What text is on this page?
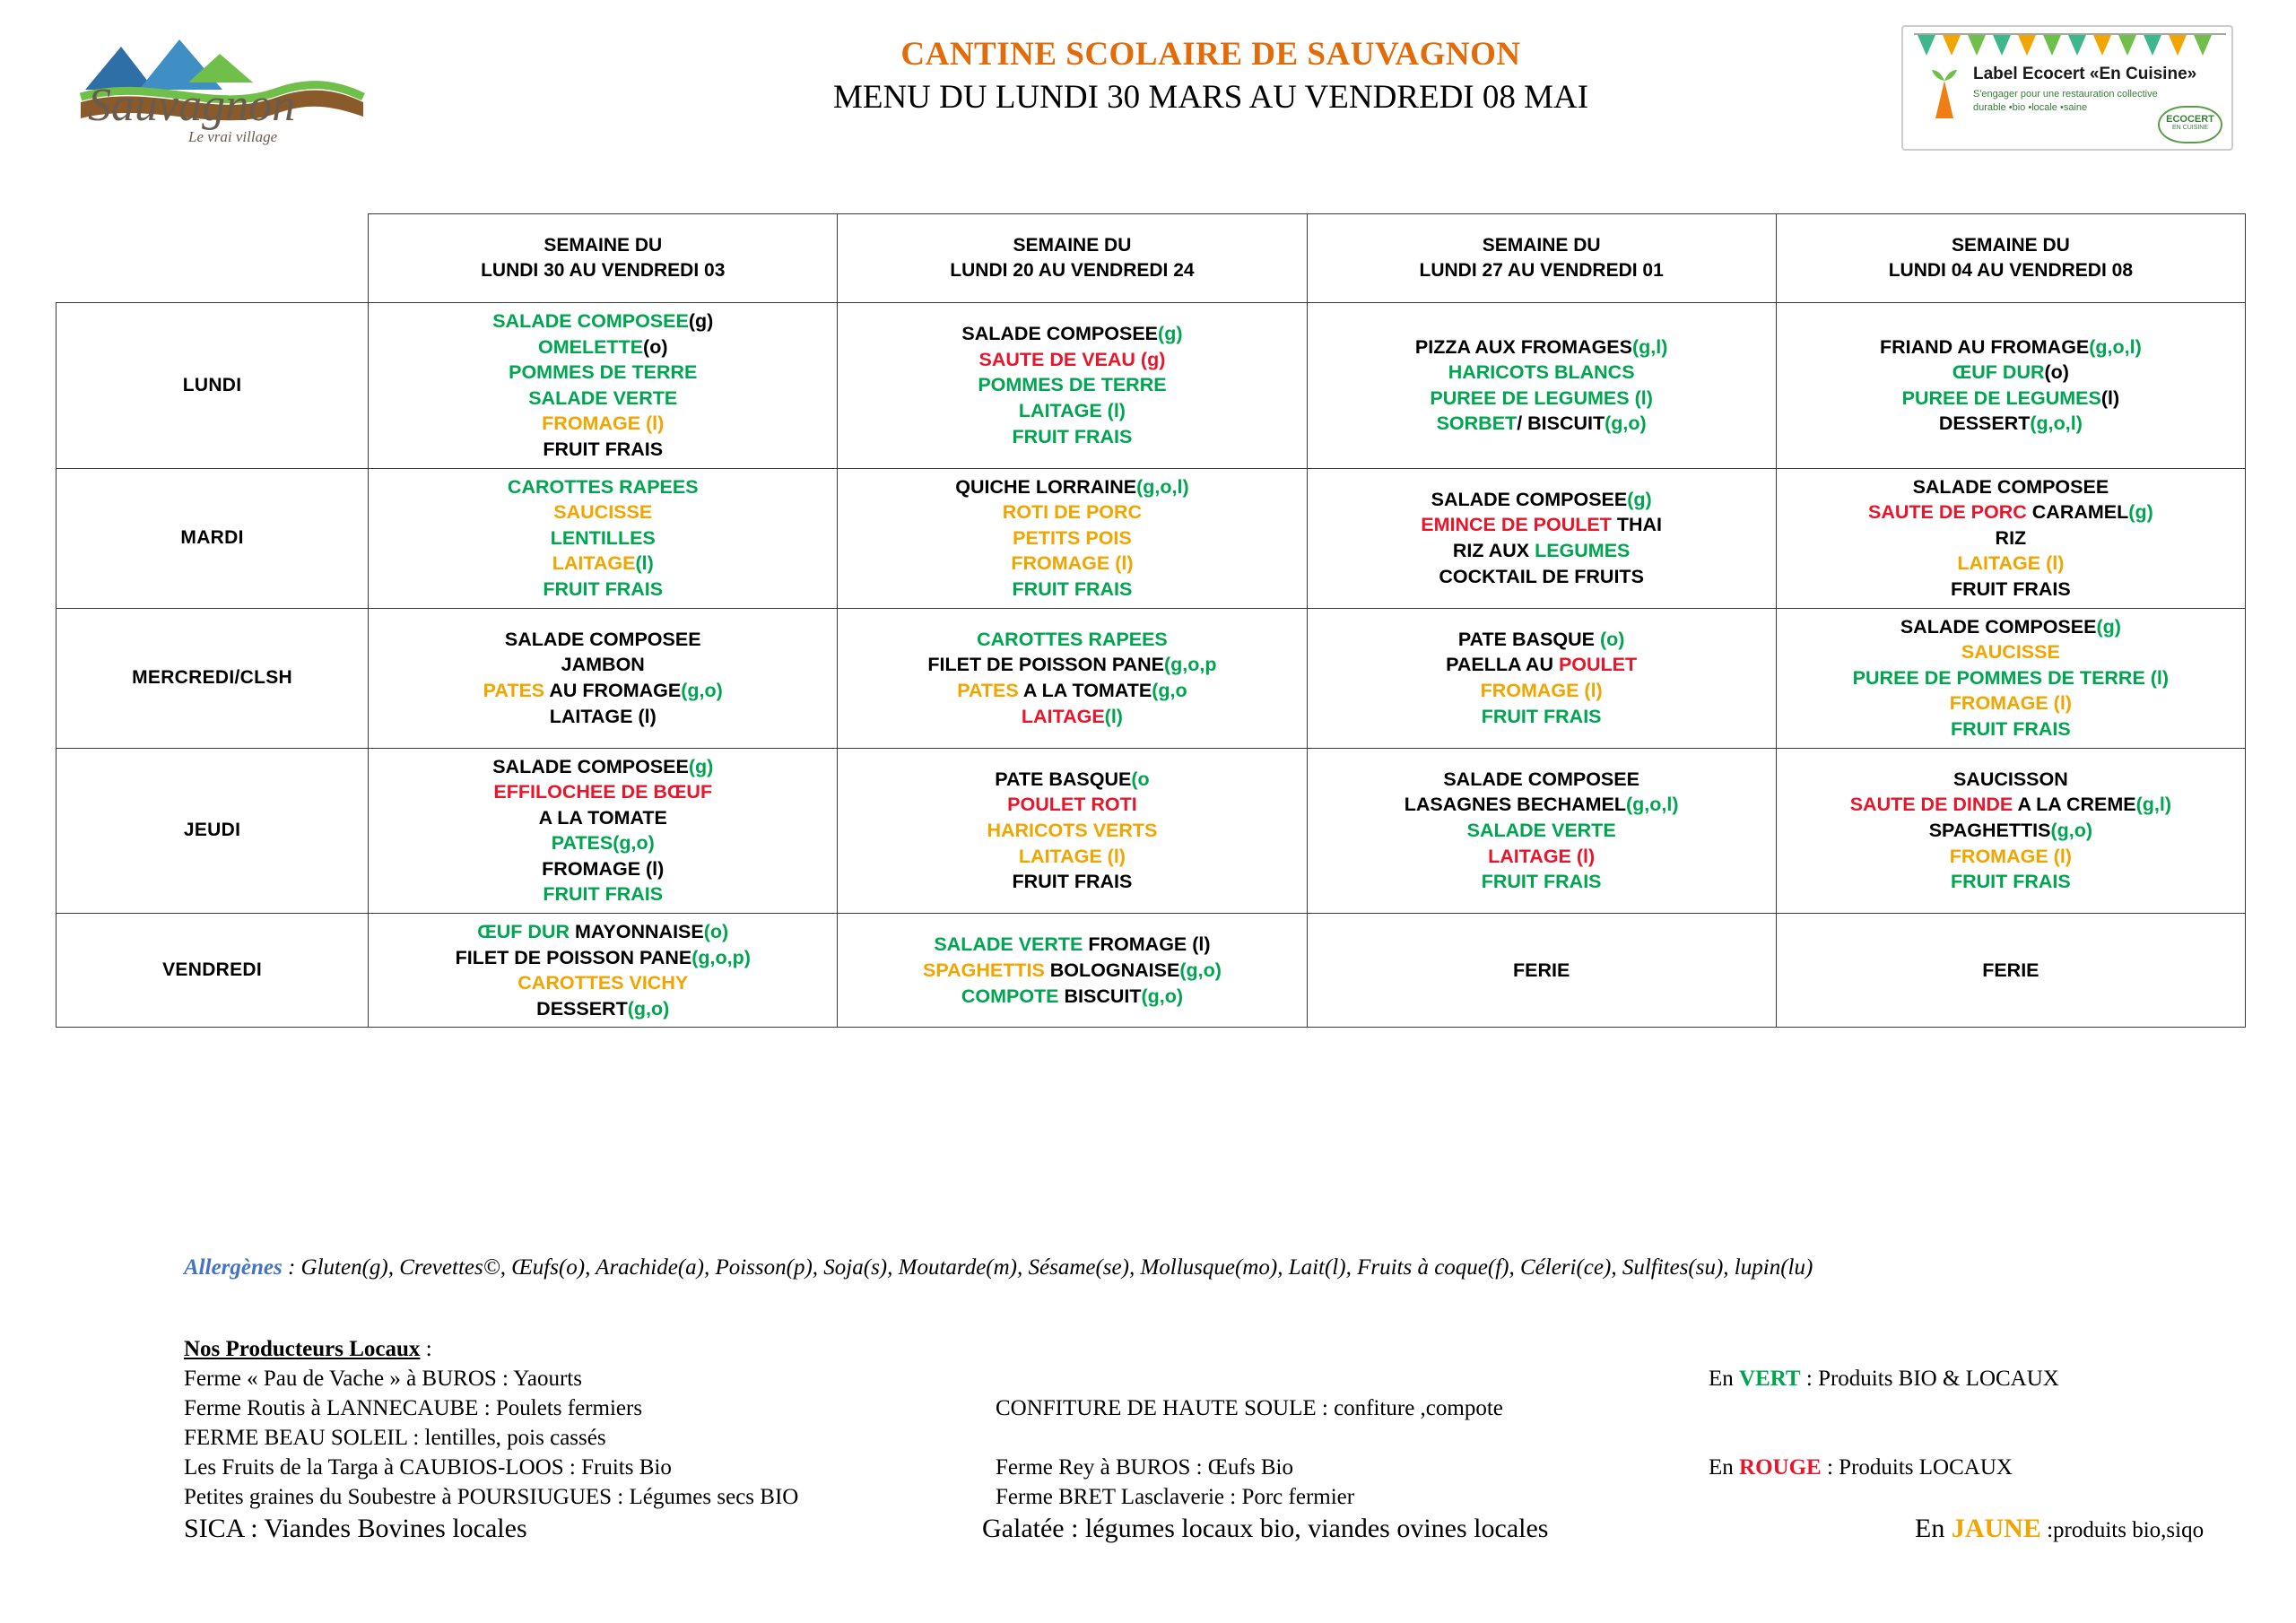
Sauvagnon
Le vrai village
CANTINE SCOLAIRE DE SAUVAGNON
MENU DU LUNDI 30 MARS AU VENDREDI 08 MAI
Label Ecocert «En Cuisine»
S'engager pour une restauration collective durable •bio •locale •saine
ECOCERT
EN CUISINE

SEMAINE DU
LUNDI 30 AU VENDREDI 03

SEMAINE DU
LUNDI 20 AU VENDREDI 24

SEMAINE DU
LUNDI 27 AU VENDREDI 01

SEMAINE DU
LUNDI 04 AU VENDREDI 08

LUNDI	
SALADE COMPOSEE(g)
OMELETTE(o)
POMMES DE TERRE
SALADE VERTE
FROMAGE (l)
FRUIT FRAIS

SALADE COMPOSEE(g)
SAUTE DE VEAU (g)
POMMES DE TERRE
LAITAGE (l)
FRUIT FRAIS

PIZZA AUX FROMAGES(g,l)
HARICOTS BLANCS
PUREE DE LEGUMES (l)
SORBET/ BISCUIT(g,o)

FRIAND AU FROMAGE(g,o,l)
ŒUF DUR(o)
PUREE DE LEGUMES(l)
DESSERT(g,o,l)

MARDI	
CAROTTES RAPEES
SAUCISSE
LENTILLES
LAITAGE(l)
FRUIT FRAIS

QUICHE LORRAINE(g,o,l)
ROTI DE PORC
PETITS POIS
FROMAGE (l)
FRUIT FRAIS

SALADE COMPOSEE(g)
EMINCE DE POULET THAI
RIZ AUX LEGUMES
COCKTAIL DE FRUITS

SALADE COMPOSEE
SAUTE DE PORC CARAMEL(g)
RIZ
LAITAGE (l)
FRUIT FRAIS

MERCREDI/CLSH	
SALADE COMPOSEE
JAMBON
PATES AU FROMAGE(g,o)
LAITAGE (l)

CAROTTES RAPEES
FILET DE POISSON PANE(g,o,p
PATES A LA TOMATE(g,o
LAITAGE(l)

PATE BASQUE (o)
PAELLA AU POULET
FROMAGE (l)
FRUIT FRAIS

SALADE COMPOSEE(g)
SAUCISSE
PUREE DE POMMES DE TERRE (l)
FROMAGE (l)
FRUIT FRAIS

JEUDI	
SALADE COMPOSEE(g)
EFFILOCHEE DE BŒUF
A LA TOMATE
PATES(g,o)
FROMAGE (l)
FRUIT FRAIS

PATE BASQUE(o
POULET ROTI
HARICOTS VERTS
LAITAGE (l)
FRUIT FRAIS

SALADE COMPOSEE
LASAGNES BECHAMEL(g,o,l)
SALADE VERTE
LAITAGE (l)
FRUIT FRAIS

SAUCISSON
SAUTE DE DINDE A LA CREME(g,l)
SPAGHETTIS(g,o)
FROMAGE (l)
FRUIT FRAIS

VENDREDI	
ŒUF DUR MAYONNAISE(o)
FILET DE POISSON PANE(g,o,p)
CAROTTES VICHY
DESSERT(g,o)

SALADE VERTE FROMAGE (l)
SPAGHETTIS BOLOGNAISE(g,o)
COMPOTE BISCUIT(g,o)

FERIE	FERIE
Allergènes : Gluten(g), Crevettes©, Œufs(o), Arachide(a), Poisson(p), Soja(s), Moutarde(m), Sésame(se), Mollusque(mo), Lait(l), Fruits à coque(f), Céleri(ce), Sulfites(su), lupin(lu)
Nos Producteurs Locaux :
Ferme « Pau de Vache » à BUROS : Yaourts	En VERT : Produits BIO & LOCAUX
Ferme Routis à LANNECAUBE : Poulets fermiers	CONFITURE DE HAUTE SOULE : confiture ,compote
FERME BEAU SOLEIL : lentilles, pois cassés
Les Fruits de la Targa à CAUBIOS-LOOS : Fruits Bio	Ferme Rey à BUROS : Œufs Bio	En ROUGE : Produits LOCAUX
Petites graines du Soubestre à POURSIUGUES : Légumes secs BIO	Ferme BRET Lasclaverie : Porc fermier
SICA : Viandes Bovines locales	Galatée : légumes locaux bio, viandes ovines locales	En JAUNE :produits bio,siqo
